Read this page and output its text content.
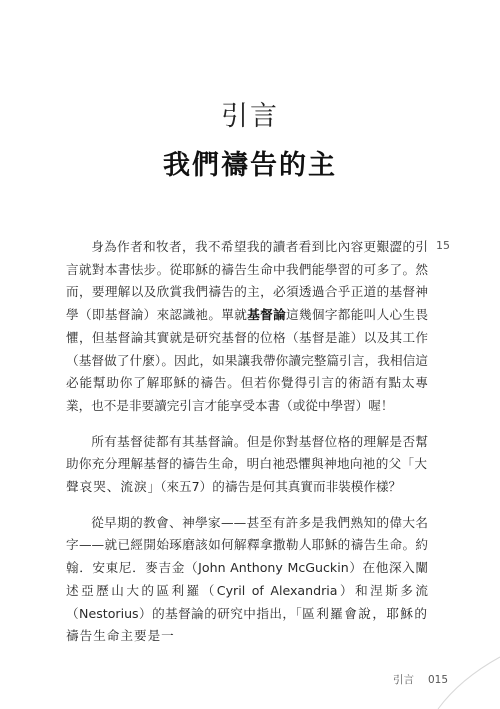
引言
我們禱告的主
15

身為作者和牧者，我不希望我的讀者看到比內容更艱澀的引言就對本書怯步。從耶穌的禱告生命中我們能學習的可多了。然而，要理解以及欣賞我們禱告的主，必須透過合乎正道的基督神學（即基督論）來認識祂。單就基督論這幾個字都能叫人心生畏懼，但基督論其實就是研究基督的位格（基督是誰）以及其工作（基督做了什麼）。因此，如果讓我帶你讀完整篇引言，我相信這必能幫助你了解耶穌的禱告。但若你覺得引言的術語有點太專業，也不是非要讀完引言才能享受本書（或從中學習）喔！

所有基督徒都有其基督論。但是你對基督位格的理解是否幫助你充分理解基督的禱告生命，明白祂恐懼與神地向祂的父「大聲哀哭、流淚」（來五7）的禱告是何其真實而非裝模作樣？

從早期的教會、神學家——甚至有許多是我們熟知的偉大名字——就已經開始琢磨該如何解釋拿撒勒人耶穌的禱告生命。約翰．安東尼．麥吉金（John Anthony McGuckin）在他深入闡述亞歷山大的區利羅（Cyril of Alexandria）和涅斯多流（Nestorius）的基督論的研究中指出，「區利羅會說，耶穌的禱告生命主要是一

引言 015
